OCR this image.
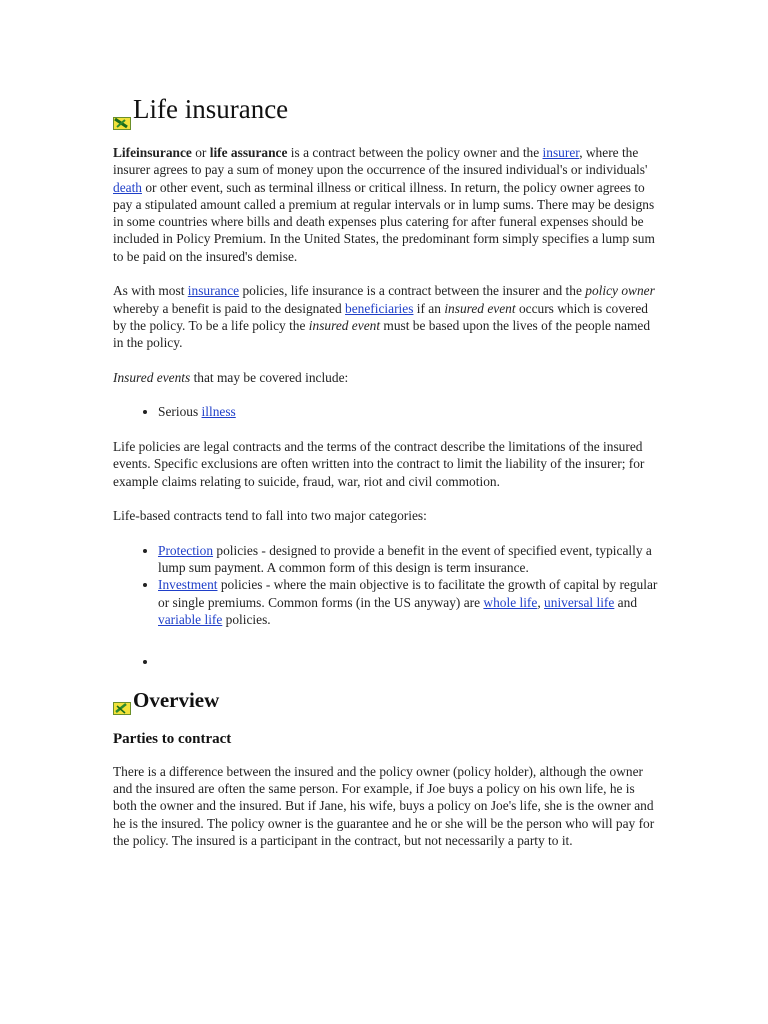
Life insurance

Lifeinsurance or life assurance is a contract between the policy owner and the insurer, where the insurer agrees to pay a sum of money upon the occurrence of the insured individual's or individuals' death or other event, such as terminal illness or critical illness. In return, the policy owner agrees to pay a stipulated amount called a premium at regular intervals or in lump sums. There may be designs in some countries where bills and death expenses plus catering for after funeral expenses should be included in Policy Premium. In the United States, the predominant form simply specifies a lump sum to be paid on the insured's demise.

As with most insurance policies, life insurance is a contract between the insurer and the policy owner whereby a benefit is paid to the designated beneficiaries if an insured event occurs which is covered by the policy. To be a life policy the insured event must be based upon the lives of the people named in the policy.

Insured events that may be covered include:

• Serious illness

Life policies are legal contracts and the terms of the contract describe the limitations of the insured events. Specific exclusions are often written into the contract to limit the liability of the insurer; for example claims relating to suicide, fraud, war, riot and civil commotion.

Life-based contracts tend to fall into two major categories:

• Protection policies - designed to provide a benefit in the event of specified event, typically a lump sum payment. A common form of this design is term insurance.
• Investment policies - where the main objective is to facilitate the growth of capital by regular or single premiums. Common forms (in the US anyway) are whole life, universal life and variable life policies.
•
Overview
Parties to contract

There is a difference between the insured and the policy owner (policy holder), although the owner and the insured are often the same person. For example, if Joe buys a policy on his own life, he is both the owner and the insured. But if Jane, his wife, buys a policy on Joe's life, she is the owner and he is the insured. The policy owner is the guarantee and he or she will be the person who will pay for the policy. The insured is a participant in the contract, but not necessarily a party to it.
